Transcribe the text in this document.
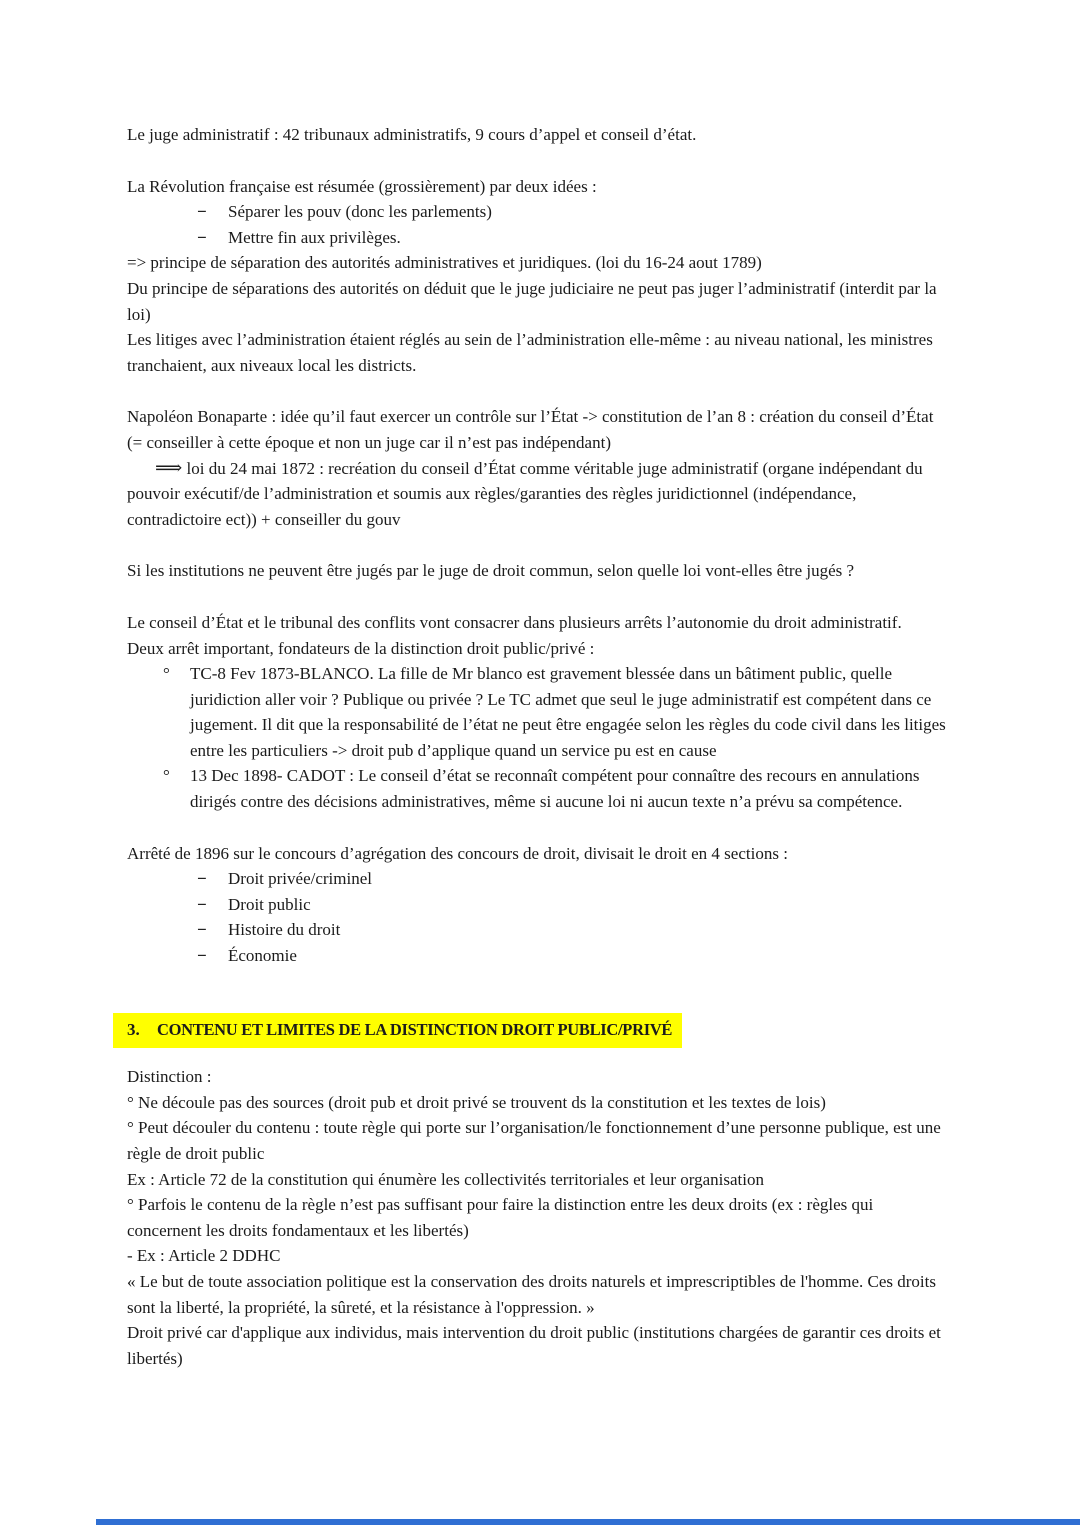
Le juge administratif : 42 tribunaux administratifs, 9 cours d’appel et conseil d’état.

La Révolution française est résumée (grossièrement) par deux idées :

−	Séparer les pouv (donc les parlements)
−	Mettre fin aux privilèges.

=> principe de séparation des autorités administratives et juridiques. (loi du 16-24 aout 1789)

Du principe de séparations des autorités on déduit que le juge judiciaire ne peut pas juger l’administratif (interdit par la loi)

Les litiges avec l’administration étaient réglés au sein de l’administration elle-même : au niveau national, les ministres tranchaient, aux niveaux local les districts.

Napoléon Bonaparte : idée qu’il faut exercer un contrôle sur l’État -> constitution de l’an 8 : création du conseil d’État (= conseiller à cette époque et non un juge car il n’est pas indépendant)

⟹ loi du 24 mai 1872 : recréation du conseil d’État comme véritable juge administratif (organe indépendant du pouvoir exécutif/de l’administration et soumis aux règles/garanties des règles juridictionnel (indépendance, contradictoire ect)) + conseiller du gouv

Si les institutions ne peuvent être jugés par le juge de droit commun, selon quelle loi vont-elles être jugés ?

Le conseil d’État et le tribunal des conflits vont consacrer dans plusieurs arrêts l’autonomie du droit administratif.

Deux arrêt important, fondateurs de la distinction droit public/privé :

°	TC-8 Fev 1873-BLANCO. La fille de Mr blanco est gravement blessée dans un bâtiment public, quelle juridiction aller voir ? Publique ou privée ? Le TC admet que seul le juge administratif est compétent dans ce jugement. Il dit que la responsabilité de l’état ne peut être engagée selon les règles du code civil dans les litiges entre les particuliers -> droit pub d’applique quand un service pu est en cause
°	13 Dec 1898- CADOT : Le conseil d’état se reconnaît compétent pour connaître des recours en annulations dirigés contre des décisions administratives, même si aucune loi ni aucun texte n’a prévu sa compétence.

Arrêté de 1896 sur le concours d’agrégation des concours de droit, divisait le droit en 4 sections :

−	Droit privée/criminel
−	Droit public
−	Histoire du droit
−	Économie
3. CONTENU ET LIMITES DE LA DISTINCTION DROIT PUBLIC/PRIVÉ

Distinction :

° Ne découle pas des sources (droit pub et droit privé se trouvent ds la constitution et les textes de lois)

° Peut découler du contenu : toute règle qui porte sur l’organisation/le fonctionnement d’une personne publique, est une règle de droit public

Ex : Article 72 de la constitution qui énumère les collectivités territoriales et leur organisation

° Parfois le contenu de la règle n’est pas suffisant pour faire la distinction entre les deux droits (ex : règles qui concernent les droits fondamentaux et les libertés)

- Ex : Article 2 DDHC

« Le but de toute association politique est la conservation des droits naturels et imprescriptibles de l'homme. Ces droits sont la liberté, la propriété, la sûreté, et la résistance à l'oppression. »

Droit privé car d'applique aux individus, mais intervention du droit public (institutions chargées de garantir ces droits et libertés)
